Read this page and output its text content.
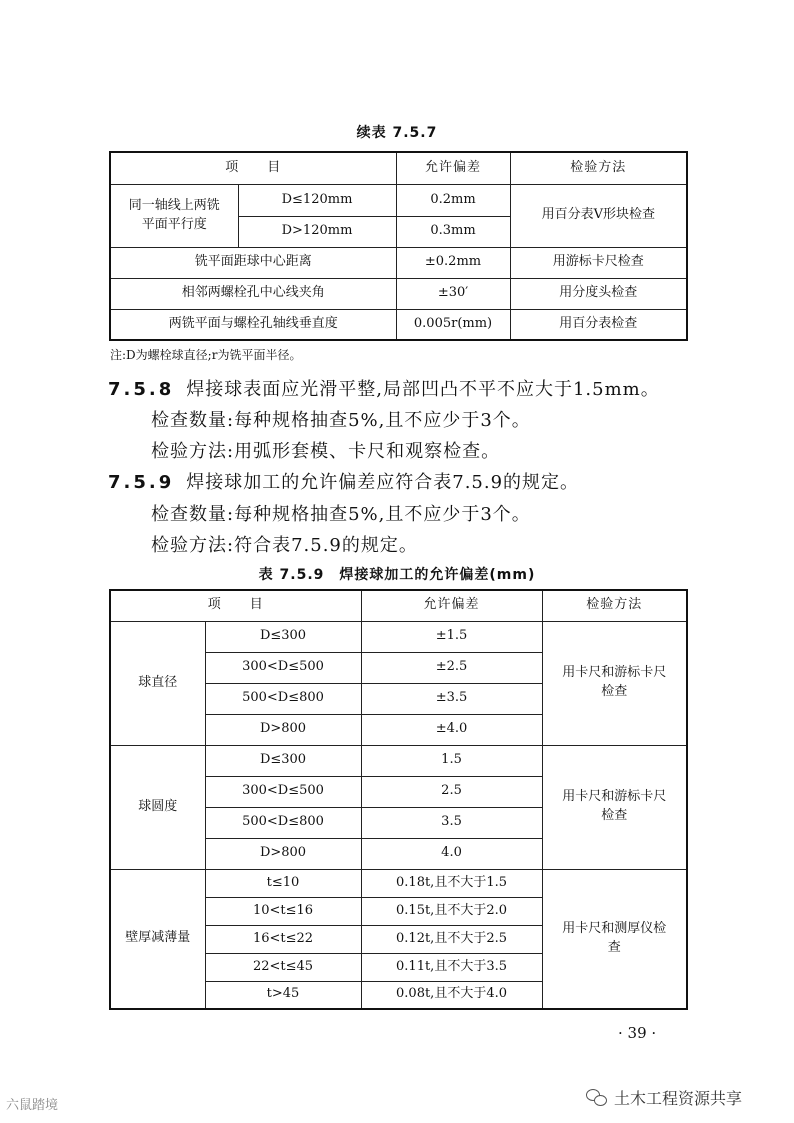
续表 7.5.7
项　　目		允许偏差	检验方法
同一轴线上两铣平面平行度	D≤120mm	0.2mm	用百分表V形块检查
	D>120mm	0.3mm	
铣平面距球中心距离		±0.2mm	用游标卡尺检查
相邻两螺栓孔中心线夹角		±30′	用分度头检查
两铣平面与螺栓孔轴线垂直度		0.005r(mm)	用百分表检查
注:D为螺栓球直径;r为铣平面半径。
7.5.8 焊接球表面应光滑平整,局部凹凸不平不应大于1.5mm。
检查数量:每种规格抽查5%,且不应少于3个。
检验方法:用弧形套模、卡尺和观察检查。
7.5.9 焊接球加工的允许偏差应符合表7.5.9的规定。
检查数量:每种规格抽查5%,且不应少于3个。
检验方法:符合表7.5.9的规定。
表 7.5.9　焊接球加工的允许偏差(mm)
项　　目		允许偏差	检验方法
球直径	D≤300	±1.5	用卡尺和游标卡尺检查
	300<D≤500	±2.5	
	500<D≤800	±3.5	
	D>800	±4.0	
球圆度	D≤300	1.5	用卡尺和游标卡尺检查
	300<D≤500	2.5	
	500<D≤800	3.5	
	D>800	4.0	
壁厚减薄量	t≤10	0.18t,且不大于1.5	用卡尺和测厚仪检查
	10<t≤16	0.15t,且不大于2.0	
	16<t≤22	0.12t,且不大于2.5	
	22<t≤45	0.11t,且不大于3.5	
	t>45	0.08t,且不大于4.0	
· 39 ·
六鼠踏境	土木工程资源共享
